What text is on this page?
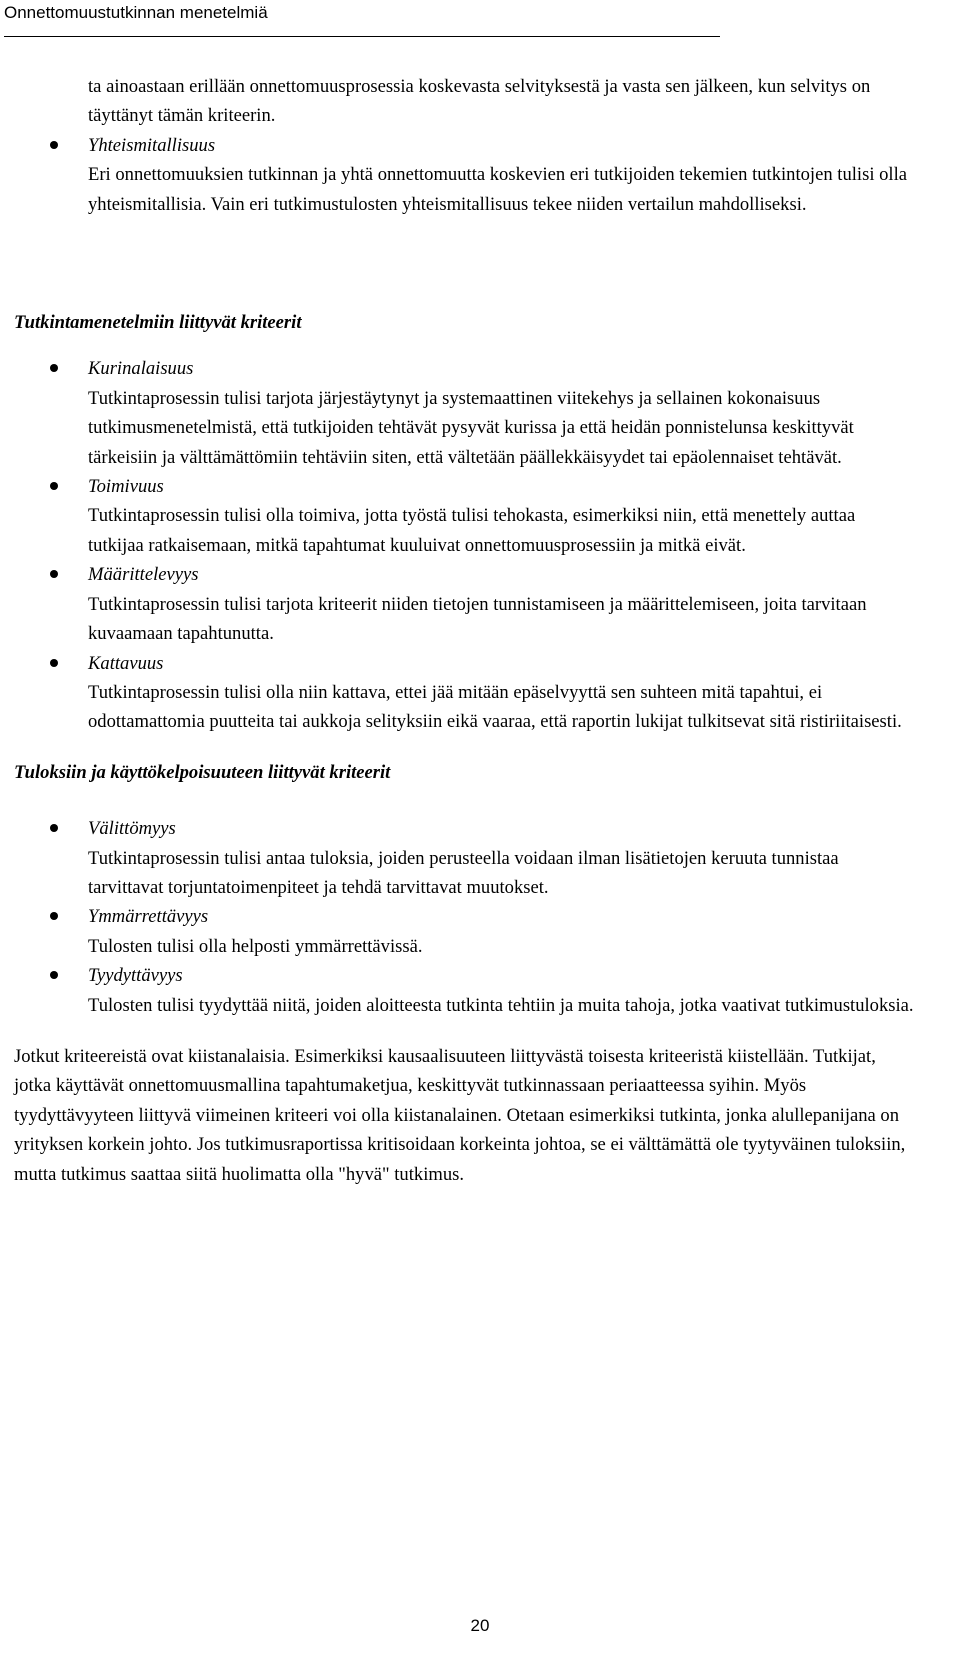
Onnettomuustutkinnan menetelmiä
ta ainoastaan erillään onnettomuusprosessia koskevasta selvityksestä ja vasta sen jälkeen, kun selvitys on täyttänyt tämän kriteerin.
Yhteismitallisuus
Eri onnettomuuksien tutkinnan ja yhtä onnettomuutta koskevien eri tutkijoiden tekemien tutkintojen tulisi olla yhteismitallisia. Vain eri tutkimustulosten yhteismitallisuus tekee niiden vertailun mahdolliseksi.
Tutkintamenetelmiin liittyvät kriteerit
Kurinalaisuus
Tutkintaprosessin tulisi tarjota järjestäytynyt ja systemaattinen viitekehys ja sellainen kokonaisuus tutkimusmenetelmistä, että tutkijoiden tehtävät pysyvät kurissa ja että heidän ponnistelunsa keskittyvät tärkeisiin ja välttämättömiin tehtäviin siten, että vältetään päällekkäisyydet tai epäolennaiset tehtävät.
Toimivuus
Tutkintaprosessin tulisi olla toimiva, jotta työstä tulisi tehokasta, esimerkiksi niin, että menettely auttaa tutkijaa ratkaisemaan, mitkä tapahtumat kuuluivat onnettomuusprosessiin ja mitkä eivät.
Määrittelevyys
Tutkintaprosessin tulisi tarjota kriteerit niiden tietojen tunnistamiseen ja määrittelemiseen, joita tarvitaan kuvaamaan tapahtunutta.
Kattavuus
Tutkintaprosessin tulisi olla niin kattava, ettei jää mitään epäselvyyttä sen suhteen mitä tapahtui, ei odottamattomia puutteita tai aukkoja selityksiin eikä vaaraa, että raportin lukijat tulkitsevat sitä ristiriitaisesti.
Tuloksiin ja käyttökelpoisuuteen liittyvät kriteerit
Välittömyys
Tutkintaprosessin tulisi antaa tuloksia, joiden perusteella voidaan ilman lisätietojen keruuta tunnistaa tarvittavat torjuntatoimenpiteet ja tehdä tarvittavat muutokset.
Ymmärrettävyys
Tulosten tulisi olla helposti ymmärrettävissä.
Tyydyttävyys
Tulosten tulisi tyydyttää niitä, joiden aloitteesta tutkinta tehtiin ja muita tahoja, jotka vaativat tutkimustuloksia.

Jotkut kriteereistä ovat kiistanalaisia. Esimerkiksi kausaalisuuteen liittyvästä toisesta kriteeristä kiistellään. Tutkijat, jotka käyttävät onnettomuusmallina tapahtumaketjua, keskittyvät tutkinnassaan periaatteessa syihin. Myös tyydyttävyyteen liittyvä viimeinen kriteeri voi olla kiistanalainen. Otetaan esimerkiksi tutkinta, jonka alullepanijana on yrityksen korkein johto. Jos tutkimusraportissa kritisoidaan korkeinta johtoa, se ei välttämättä ole tyytyväinen tuloksiin, mutta tutkimus saattaa siitä huolimatta olla "hyvä" tutkimus.

20
